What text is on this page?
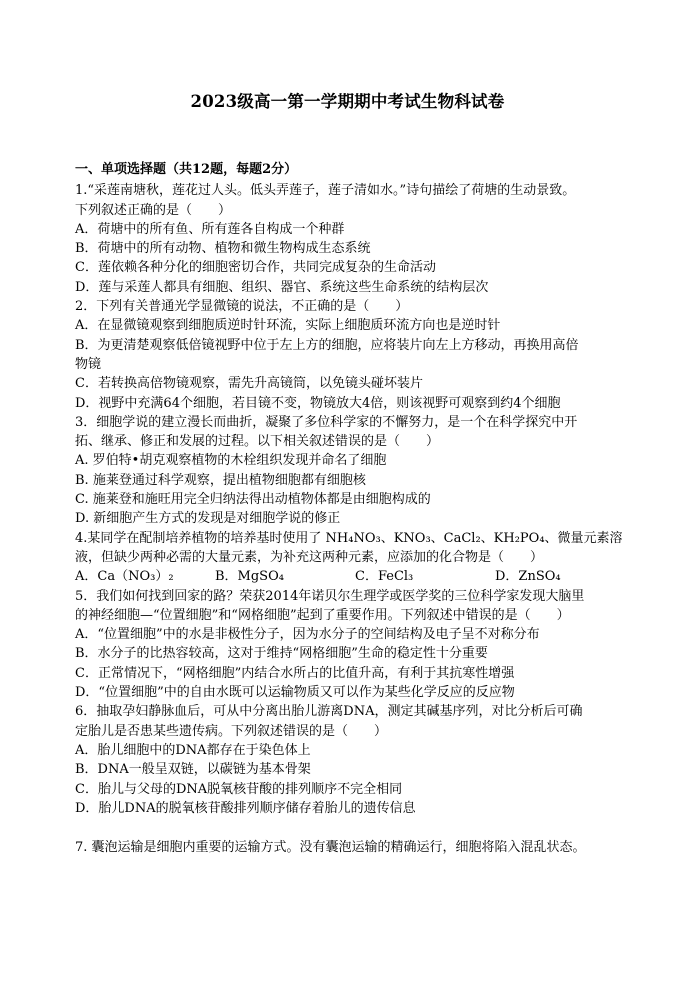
2023级高一第一学期期中考试生物科试卷
一、单项选择题（共12题，每题2分）
1.“采莲南塘秋，莲花过人头。低头弄莲子，莲子清如水。”诗句描绘了荷塘的生动景致。
下列叙述正确的是（　　）
A．荷塘中的所有鱼、所有莲各自构成一个种群
B．荷塘中的所有动物、植物和微生物构成生态系统
C．莲依赖各种分化的细胞密切合作，共同完成复杂的生命活动
D．莲与采莲人都具有细胞、组织、器官、系统这些生命系统的结构层次
2．下列有关普通光学显微镜的说法，不正确的是（　　）
A．在显微镜观察到细胞质逆时针环流，实际上细胞质环流方向也是逆时针
B．为更清楚观察低倍镜视野中位于左上方的细胞，应将装片向左上方移动，再换用高倍
物镜
C．若转换高倍物镜观察，需先升高镜筒，以免镜头碰坏装片
D．视野中充满64个细胞，若目镜不变，物镜放大4倍，则该视野可观察到约4个细胞
3．细胞学说的建立漫长而曲折，凝聚了多位科学家的不懈努力，是一个在科学探究中开
拓、继承、修正和发展的过程。以下相关叙述错误的是（　　）
A. 罗伯特•胡克观察植物的木栓组织发现并命名了细胞
B. 施莱登通过科学观察，提出植物细胞都有细胞核
C. 施莱登和施旺用完全归纳法得出动植物体都是由细胞构成的
D. 新细胞产生方式的发现是对细胞学说的修正
4.某同学在配制培养植物的培养基时使用了 NH₄NO₃、KNO₃、CaCl₂、KH₂PO₄、微量元素溶
液，但缺少两种必需的大量元素，为补充这两种元素，应添加的化合物是（　　）
A．Ca（NO₃）₂	B．MgSO₄	C．FeCl₃	D．ZnSO₄
5．我们如何找到回家的路？荣获2014年诺贝尔生理学或医学奖的三位科学家发现大脑里
的神经细胞—“位置细胞”和“网格细胞”起到了重要作用。下列叙述中错误的是（　　）
A．“位置细胞”中的水是非极性分子，因为水分子的空间结构及电子呈不对称分布
B．水分子的比热容较高，这对于维持“网格细胞”生命的稳定性十分重要
C．正常情况下，“网格细胞”内结合水所占的比值升高，有利于其抗寒性增强
D．“位置细胞”中的自由水既可以运输物质又可以作为某些化学反应的反应物
6．抽取孕妇静脉血后，可从中分离出胎儿游离DNA，测定其碱基序列，对比分析后可确
定胎儿是否患某些遗传病。下列叙述错误的是（　　）
A．胎儿细胞中的DNA都存在于染色体上
B．DNA一般呈双链，以碳链为基本骨架
C．胎儿与父母的DNA脱氧核苷酸的排列顺序不完全相同
D．胎儿DNA的脱氧核苷酸排列顺序储存着胎儿的遗传信息
7. 囊泡运输是细胞内重要的运输方式。没有囊泡运输的精确运行，细胞将陷入混乱状态。
